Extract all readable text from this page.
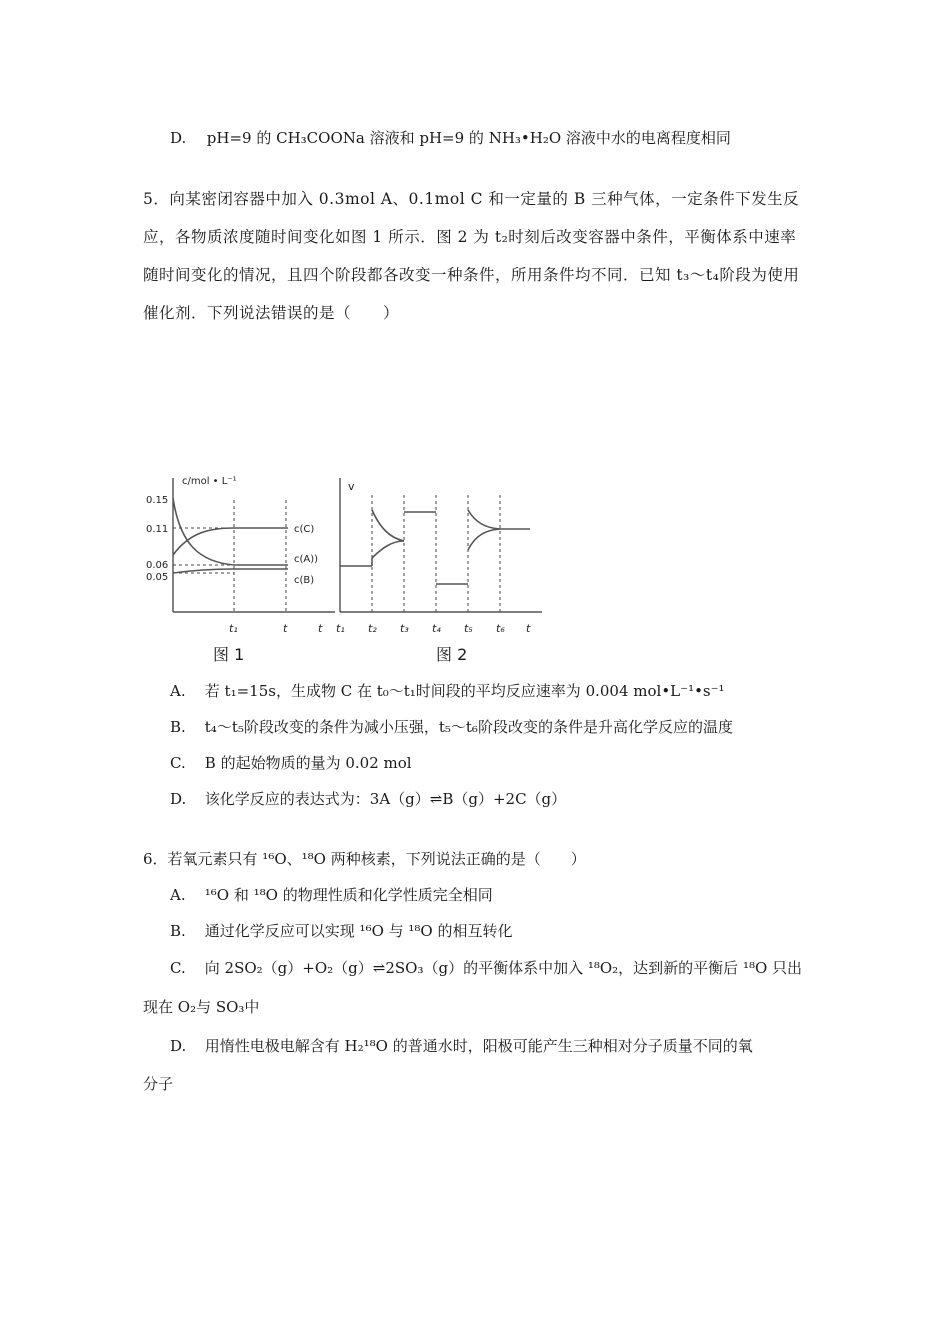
D. pH=9 的 CH₃COONa 溶液和 pH=9 的 NH₃•H₂O 溶液中水的电离程度相同
5．向某密闭容器中加入 0.3mol A、0.1mol C 和一定量的 B 三种气体，一定条件下发生反应，各物质浓度随时间变化如图 1 所示．图 2 为 t₂时刻后改变容器中条件，平衡体系中速率随时间变化的情况，且四个阶段都各改变一种条件，所用条件均不同．已知 t₃～t₄阶段为使用催化剂．下列说法错误的是（　　）
c/mol • L⁻¹
0.15
0.11
0.06
0.05
c(C)
c(A))
c(B)
t₁	t	t
图 1
v
t₁ t₂ t₃ t₄ t₅ t₆ t
图 2
A. 若 t₁=15s，生成物 C 在 t₀～t₁时间段的平均反应速率为 0.004 mol•L⁻¹•s⁻¹
B. t₄～t₅阶段改变的条件为减小压强，t₅～t₆阶段改变的条件是升高化学反应的温度
C. B 的起始物质的量为 0.02 mol
D. 该化学反应的表达式为：3A（g）⇌B（g）+2C（g）
6．若氧元素只有 ¹⁶O、¹⁸O 两种核素，下列说法正确的是（　　）
A. ¹⁶O 和 ¹⁸O 的物理性质和化学性质完全相同
B. 通过化学反应可以实现 ¹⁶O 与 ¹⁸O 的相互转化
C. 向 2SO₂（g）+O₂（g）⇌2SO₃（g）的平衡体系中加入 ¹⁸O₂，达到新的平衡后 ¹⁸O 只出
现在 O₂与 SO₃中
D. 用惰性电极电解含有 H₂¹⁸O 的普通水时，阳极可能产生三种相对分子质量不同的氧
分子
